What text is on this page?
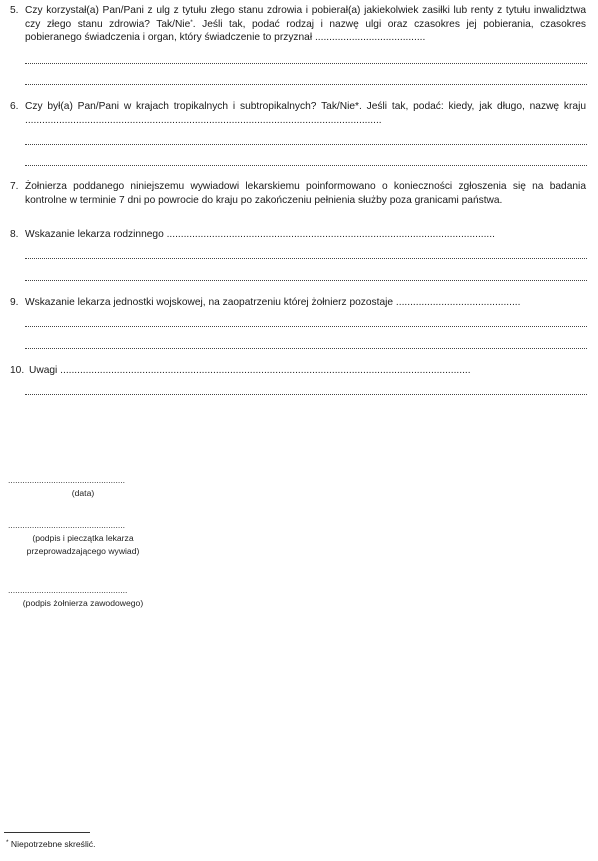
5. Czy korzystał(a) Pan/Pani z ulg z tytułu złego stanu zdrowia i pobierał(a) jakiekolwiek zasiłki lub renty z tytułu inwalidztwa czy złego stanu zdrowia? Tak/Nie*. Jeśli tak, podać rodzaj i nazwę ulgi oraz czasokres jej pobierania, czasokres pobieranego świadczenia i organ, który świadczenie to przyznał .......................................
6. Czy był(a) Pan/Pani w krajach tropikalnych i subtropikalnych? Tak/Nie*. Jeśli tak, podać: kiedy, jak długo, nazwę kraju ..............................................................................................................................
7. Żołnierza poddanego niniejszemu wywiadowi lekarskiemu poinformowano o konieczności zgłoszenia się na badania kontrolne w terminie 7 dni po powrocie do kraju po zakończeniu pełnienia służby poza granicami państwa.
8. Wskazanie lekarza rodzinnego ....................................................................................................................
9. Wskazanie lekarza jednostki wojskowej, na zaopatrzeniu której żołnierz pozostaje ............................................
10. Uwagi .................................................................................................................................................
.................................................
(data)
.................................................
(podpis i pieczątka lekarza
przeprowadzającego wywiad)
..................................................
(podpis żołnierza zawodowego)
* Niepotrzebne skreślić.
